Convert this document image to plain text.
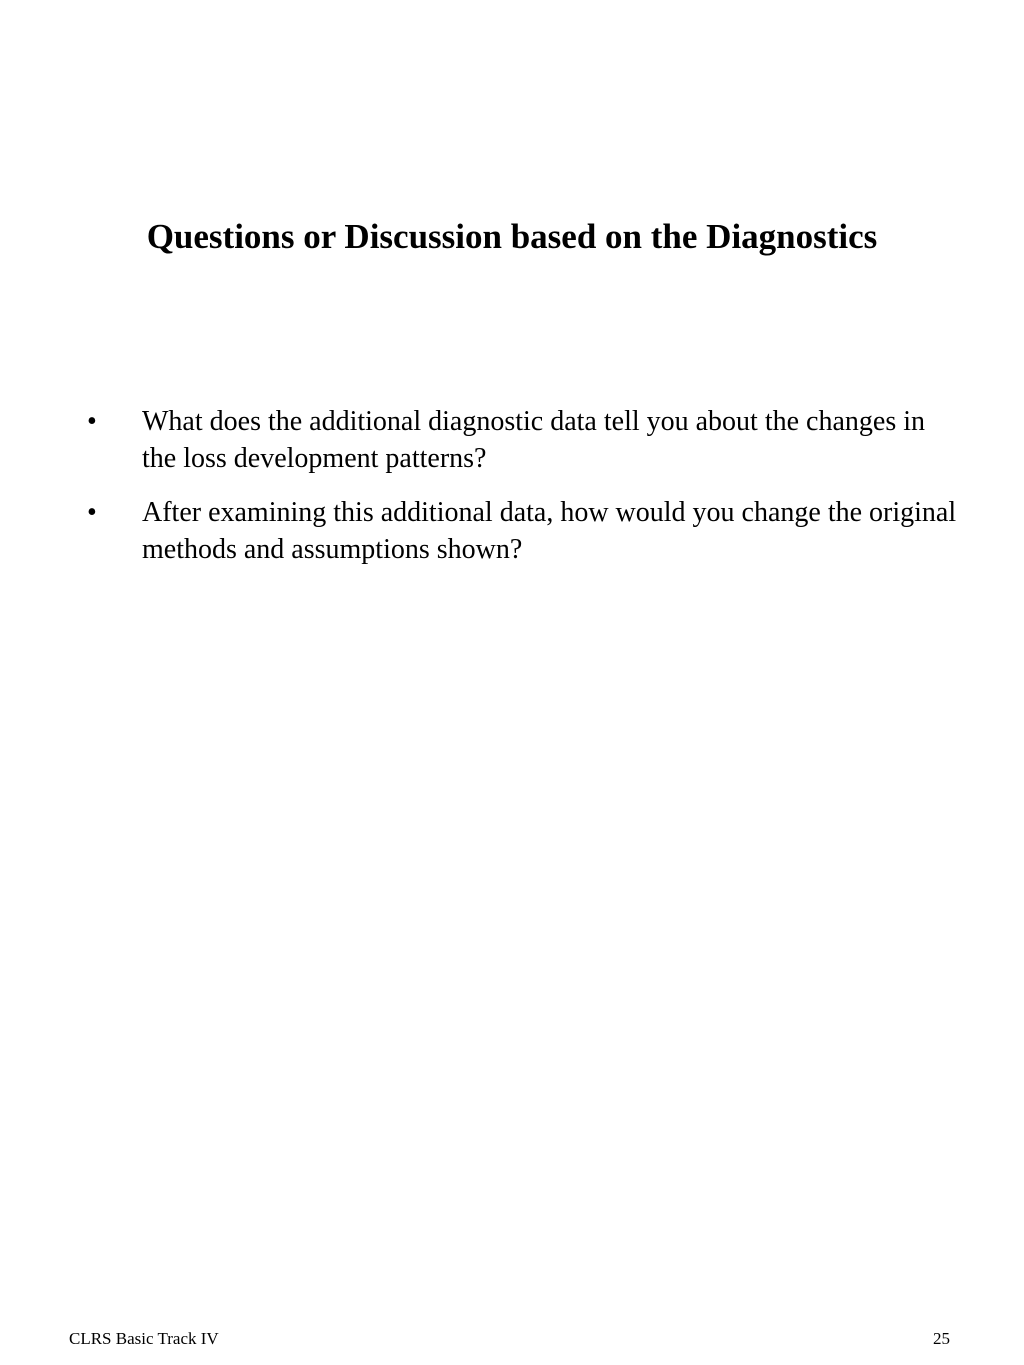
Questions or Discussion based on the Diagnostics
• What does the additional diagnostic data tell you about the changes in the loss development patterns?
• After examining this additional data, how would you change the original methods and assumptions shown?
CLRS Basic Track IV	25
